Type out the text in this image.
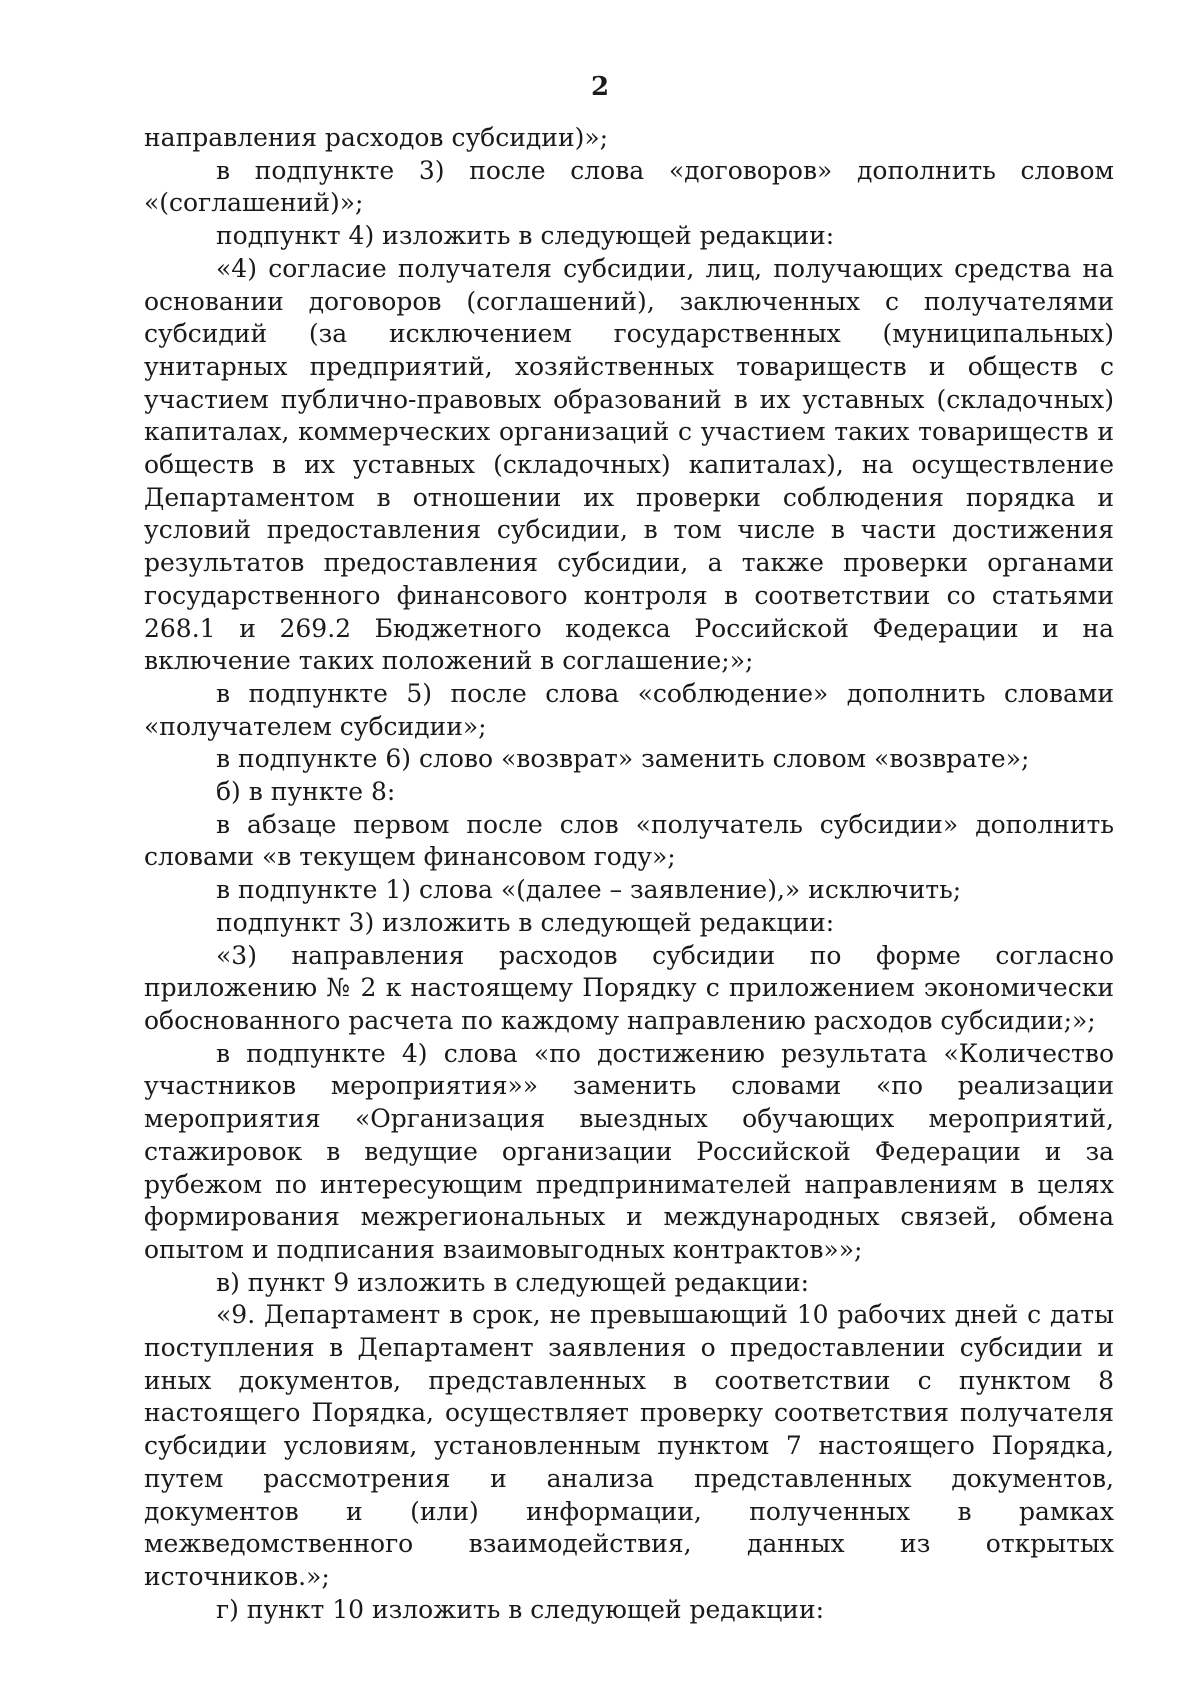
2

направления расходов субсидии)»;

в подпункте 3) после слова «договоров» дополнить словом «(соглашений)»;

подпункт 4) изложить в следующей редакции:

«4) согласие получателя субсидии, лиц, получающих средства на основании договоров (соглашений), заключенных с получателями субсидий (за исключением государственных (муниципальных) унитарных предприятий, хозяйственных товариществ и обществ с участием публично-правовых образований в их уставных (складочных) капиталах, коммерческих организаций с участием таких товариществ и обществ в их уставных (складочных) капиталах), на осуществление Департаментом в отношении их проверки соблюдения порядка и условий предоставления субсидии, в том числе в части достижения результатов предоставления субсидии, а также проверки органами государственного финансового контроля в соответствии со статьями 268.1 и 269.2 Бюджетного кодекса Российской Федерации и на включение таких положений в соглашение;»;

в подпункте 5) после слова «соблюдение» дополнить словами «получателем субсидии»;

в подпункте 6) слово «возврат» заменить словом «возврате»;

б) в пункте 8:

в абзаце первом после слов «получатель субсидии» дополнить словами «в текущем финансовом году»;

в подпункте 1) слова «(далее – заявление),» исключить;

подпункт 3) изложить в следующей редакции:

«3) направления расходов субсидии по форме согласно приложению № 2 к настоящему Порядку с приложением экономически обоснованного расчета по каждому направлению расходов субсидии;»;

в подпункте 4) слова «по достижению результата «Количество участников мероприятия»» заменить словами «по реализации мероприятия «Организация выездных обучающих мероприятий, стажировок в ведущие организации Российской Федерации и за рубежом по интересующим предпринимателей направлениям в целях формирования межрегиональных и международных связей, обмена опытом и подписания взаимовыгодных контрактов»»;

в) пункт 9 изложить в следующей редакции:

«9. Департамент в срок, не превышающий 10 рабочих дней с даты поступления в Департамент заявления о предоставлении субсидии и иных документов, представленных в соответствии с пунктом 8 настоящего Порядка, осуществляет проверку соответствия получателя субсидии условиям, установленным пунктом 7 настоящего Порядка, путем рассмотрения и анализа представленных документов, документов и (или) информации, полученных в рамках межведомственного взаимодействия, данных из открытых источников.»;

г) пункт 10 изложить в следующей редакции:
